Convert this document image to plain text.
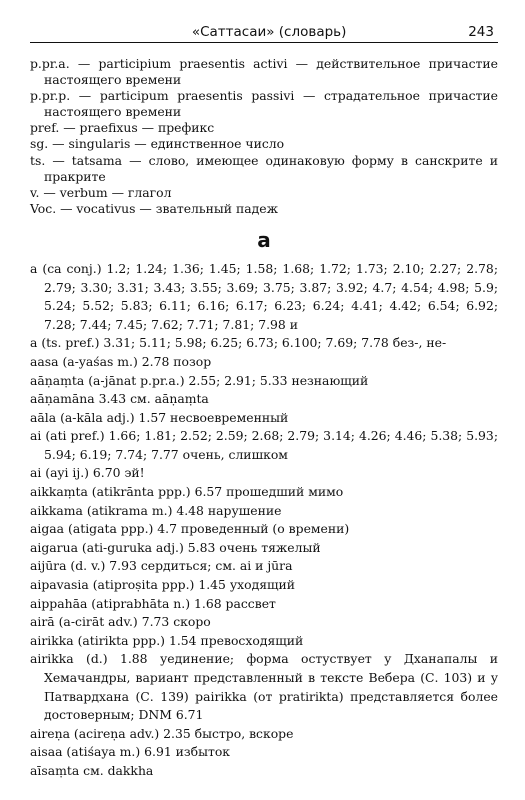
«Саттасаи» (словарь)	243

p.pr.a. — participium praesentis activi — действительное причастие настоящего времени

p.pr.p. — participum praesentis passivi — страдательное причастие настоящего времени

pref. — praefixus — префикс

sg. — singularis — единственное число

ts. — tatsama — слово, имеющее одинаковую форму в санскрите и пракрите

v. — verbum — глагол

Voc. — vocativus — звательный падеж

a

a (ca conj.) 1.2; 1.24; 1.36; 1.45; 1.58; 1.68; 1.72; 1.73; 2.10; 2.27; 2.78; 2.79; 3.30; 3.31; 3.43; 3.55; 3.69; 3.75; 3.87; 3.92; 4.7; 4.54; 4.98; 5.9; 5.24; 5.52; 5.83; 6.11; 6.16; 6.17; 6.23; 6.24; 4.41; 4.42; 6.54; 6.92; 7.28; 7.44; 7.45; 7.62; 7.71; 7.81; 7.98 и

a (ts. pref.) 3.31; 5.11; 5.98; 6.25; 6.73; 6.100; 7.69; 7.78 без-, не-

aasa (a-yaśas m.) 2.78 позор

aāṇaṃta (a-jānat p.pr.a.) 2.55; 2.91; 5.33 незнающий

aāṇamāna 3.43 см. aāṇaṃta

aāla (a-kāla adj.) 1.57 несвоевременный

ai (ati pref.) 1.66; 1.81; 2.52; 2.59; 2.68; 2.79; 3.14; 4.26; 4.46; 5.38; 5.93; 5.94; 6.19; 7.74; 7.77 очень, слишком

ai (ayi ij.) 6.70 эй!

aikkaṃta (atikrānta ppp.) 6.57 прошедший мимо

aikkama (atikrama m.) 4.48 нарушение

aigaa (atigata ppp.) 4.7 проведенный (о времени)

aigarua (ati-guruka adj.) 5.83 очень тяжелый

aijūra (d. v.) 7.93 сердиться; см. ai и jūra

aipavasia (atiproṣita ppp.) 1.45 уходящий

aippahāa (atiprabhāta n.) 1.68 рассвет

airā (a-cirāt adv.) 7.73 скоро

airikka (atirikta ppp.) 1.54 превосходящий

airikka (d.) 1.88 уединение; форма остуствует у Дханапалы и Хемачандры, вариант представленный в тексте Вебера (С. 103) и у Патвардхана (С. 139) pairikka (от pratirikta) представляется более достоверным; DNM 6.71

aireṇa (acireṇa adv.) 2.35 быстро, вскоре

aisaa (atiśaya m.) 6.91 избыток

aīsaṃta см. dakkha
